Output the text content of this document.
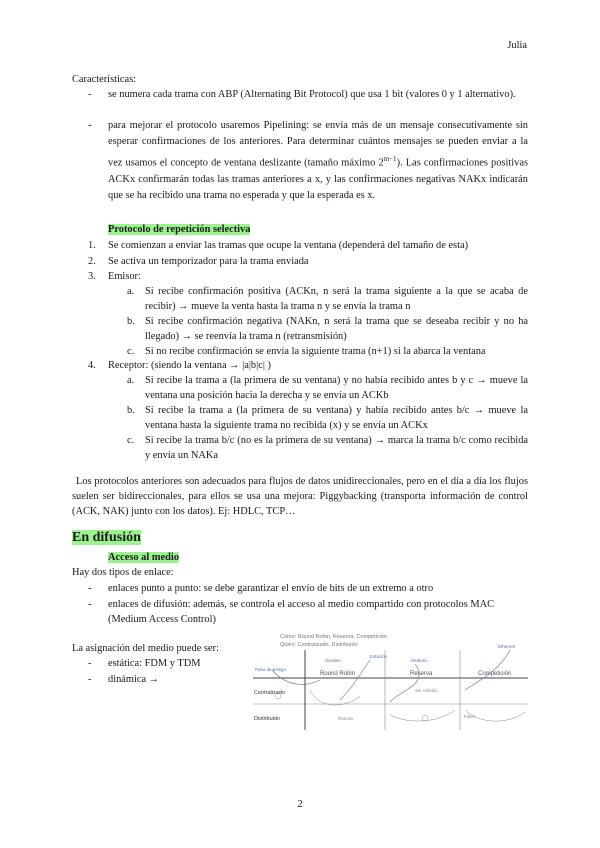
Julia
Características:
- se numera cada trama con ABP (Alternating Bit Protocol) que usa 1 bit (valores 0 y 1 alternativo).
- para mejorar el protocolo usaremos Pipelining: se envía más de un mensaje consecutivamente sin esperar confirmaciones de los anteriores. Para determinar cuántos mensajes se pueden enviar a la vez usamos el concepto de ventana deslizante (tamaño máximo $2^{m-1}$). Las confirmaciones positivas ACKx confirmarán todas las tramas anteriores a x, y las confirmaciones negativas NAKx indicarán que se ha recibido una trama no esperada y que la esperada es x.
Protocolo de repetición selectiva
1. Se comienzan a enviar las tramas que ocupe la ventana (dependerá del tamaño de esta)
2. Se activa un temporizador para la trama enviada
3. Emisor:
a. Si recibe confirmación positiva (ACKn, n será la trama siguiente a la que se acaba de recibir) → mueve la venta hasta la trama n y se envía la trama n
b. Si recibe confirmación negativa (NAKn, n será la trama que se deseaba recibir y no ha llegado) → se reenvía la trama n (retransmisión)
c. Si no recibe confirmación se envía la siguiente trama (n+1) si la abarca la ventana
4. Receptor: (siendo la ventana → |a|b|c| )
a. Si recibe la trama a (la primera de su ventana) y no había recibido antes b y c → mueve la ventana una posición hacia la derecha y se envía un ACKb
b. Si recibe la trama a (la primera de su ventana) y había recibido antes b/c → mueve la ventana hasta la siguiente trama no recibida (x) y se envía un ACKx
c. Si recibe la trama b/c (no es la primera de su ventana) → marca la trama b/c como recibida y envía un NAKa
Los protocolos anteriores son adecuados para flujos de datos unidireccionales, pero en el día a día los flujos suelen ser bidireccionales, para ellos se usa una mejora: Piggybacking (transporta información de control (ACK, NAK) junto con los datos). Ej: HDLC, TCP…
En difusión
Acceso al medio
Hay dos tipos de enlace:
- enlaces punto a punto: se debe garantizar el envío de bits de un extremo a otro
- enlaces de difusión: además, se controla el acceso al medio compartido con protocolos MAC (Medium Access Control)
La asignación del medio puede ser:
- estática: FDM y TDM
- dinámica →
Cómo: Round Robin, Reserva, Competición
Quién: Centralizado, Distribuido
Round Robin	Reserva	Competición
Centralizado
Distribuido
Paso de testigo
Sondeo
Estación
Sin colisión
Aleatorio
Ranura
Ethernet
Token
2
